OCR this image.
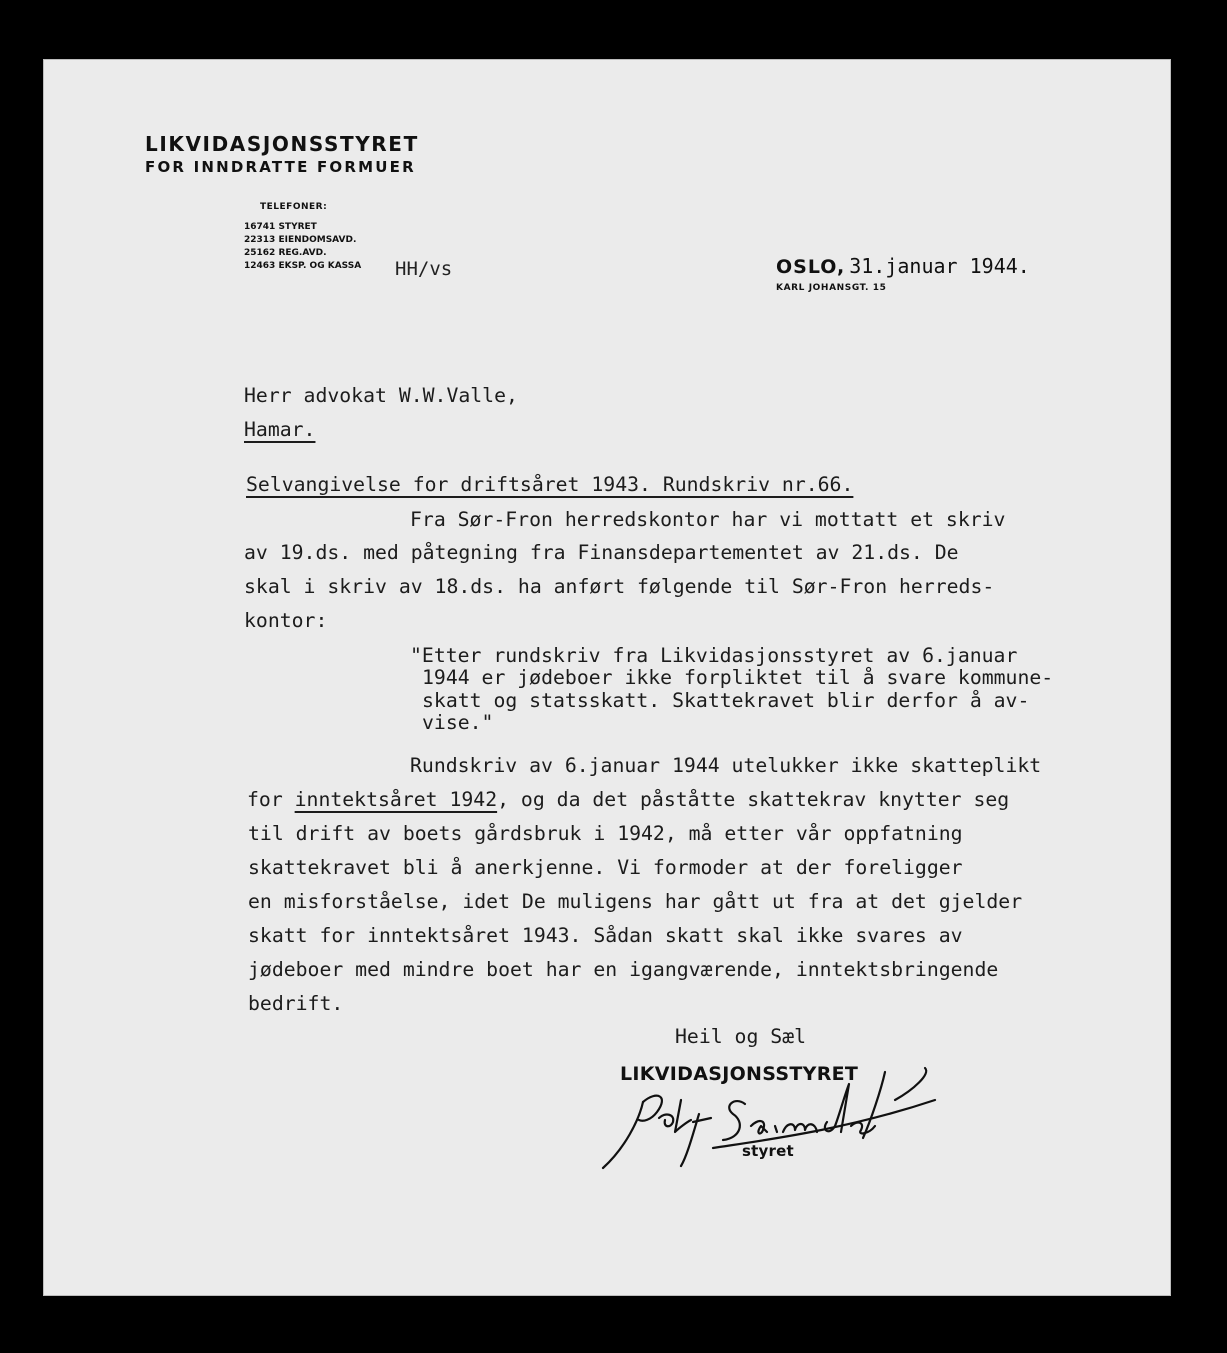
LIKVIDASJONSSTYRET
FOR INNDRATTE FORMUER
TELEFONER:
16741 STYRET
22313 EIENDOMSAVD.
25162 REG.AVD.
12463 EKSP. OG KASSA HH/vs	OSLO, 31.januar 1944.
KARL JOHANSGT. 15
Herr advokat W.W.Valle,
Hamar.
Selvangivelse for driftsåret 1943. Rundskriv nr.66.
Fra Sør-Fron herredskontor har vi mottatt et skriv
av 19.ds. med påtegning fra Finansdepartementet av 21.ds. De
skal i skriv av 18.ds. ha anført følgende til Sør-Fron herreds-
kontor:
"Etter rundskriv fra Likvidasjonsstyret av 6.januar
1944 er jødeboer ikke forpliktet til å svare kommune-
skatt og statsskatt. Skattekravet blir derfor å av-
vise."
Rundskriv av 6.januar 1944 utelukker ikke skatteplikt
for inntektsåret 1942, og da det påståtte skattekrav knytter seg
til drift av boets gårdsbruk i 1942, må etter vår oppfatning
skattekravet bli å anerkjenne. Vi formoder at der foreligger
en misforståelse, idet De muligens har gått ut fra at det gjelder
skatt for inntektsåret 1943. Sådan skatt skal ikke svares av
jødeboer med mindre boet har en igangværende, inntektsbringende
bedrift.
Heil og Sæl
LIKVIDASJONSSTYRET
styret
